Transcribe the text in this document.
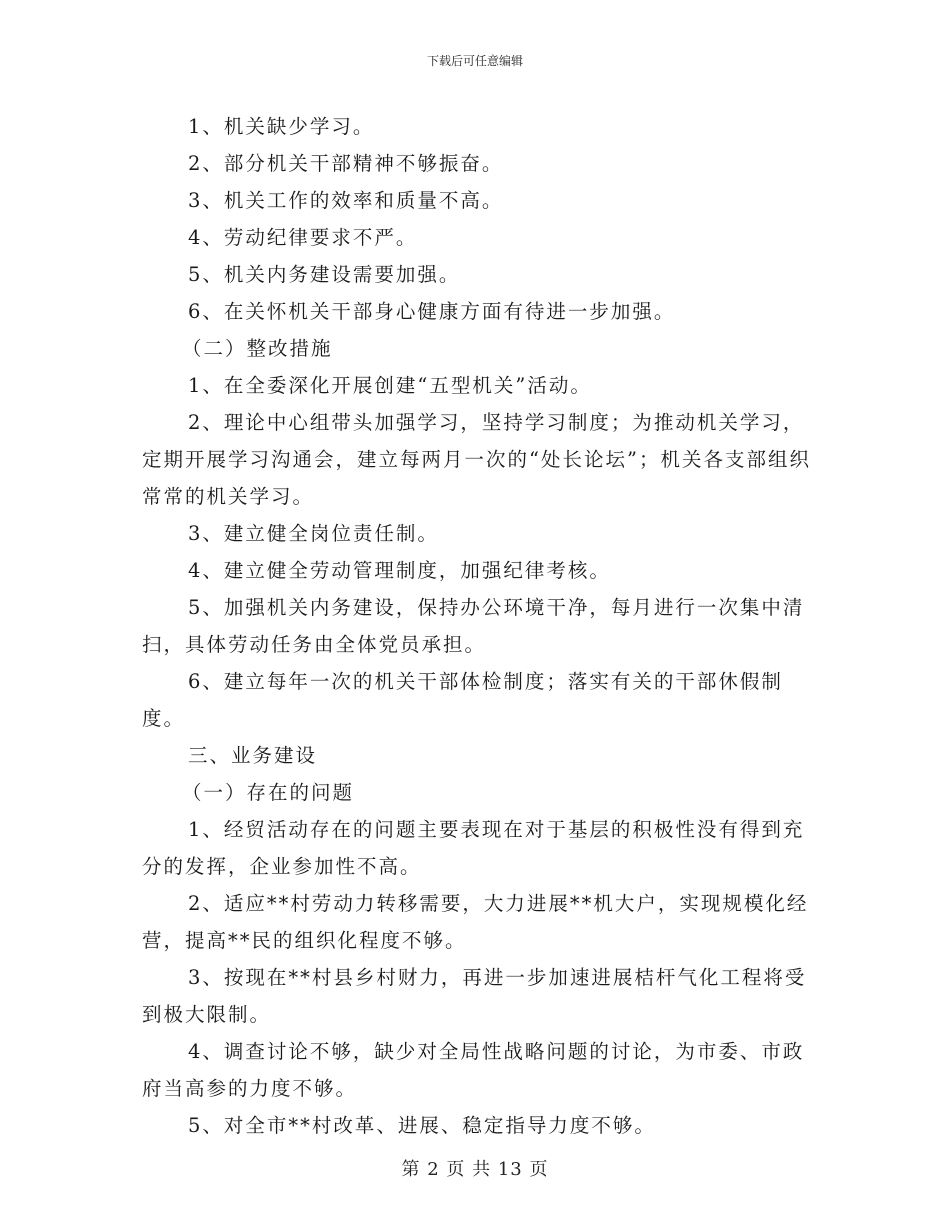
下载后可任意编辑

1、机关缺少学习。

2、部分机关干部精神不够振奋。

3、机关工作的效率和质量不高。

4、劳动纪律要求不严。

5、机关内务建设需要加强。

6、在关怀机关干部身心健康方面有待进一步加强。

（二）整改措施

1、在全委深化开展创建“五型机关”活动。

2、理论中心组带头加强学习，坚持学习制度；为推动机关学习，定期开展学习沟通会，建立每两月一次的“处长论坛”；机关各支部组织常常的机关学习。

3、建立健全岗位责任制。

4、建立健全劳动管理制度，加强纪律考核。

5、加强机关内务建设，保持办公环境干净，每月进行一次集中清扫，具体劳动任务由全体党员承担。

6、建立每年一次的机关干部体检制度；落实有关的干部休假制度。

三、业务建设

（一）存在的问题

1、经贸活动存在的问题主要表现在对于基层的积极性没有得到充分的发挥，企业参加性不高。

2、适应**村劳动力转移需要，大力进展**机大户，实现规模化经营，提高**民的组织化程度不够。

3、按现在**村县乡村财力，再进一步加速进展桔杆气化工程将受到极大限制。

4、调查讨论不够，缺少对全局性战略问题的讨论，为市委、市政府当高参的力度不够。

5、对全市**村改革、进展、稳定指导力度不够。

第 2 页 共 13 页
